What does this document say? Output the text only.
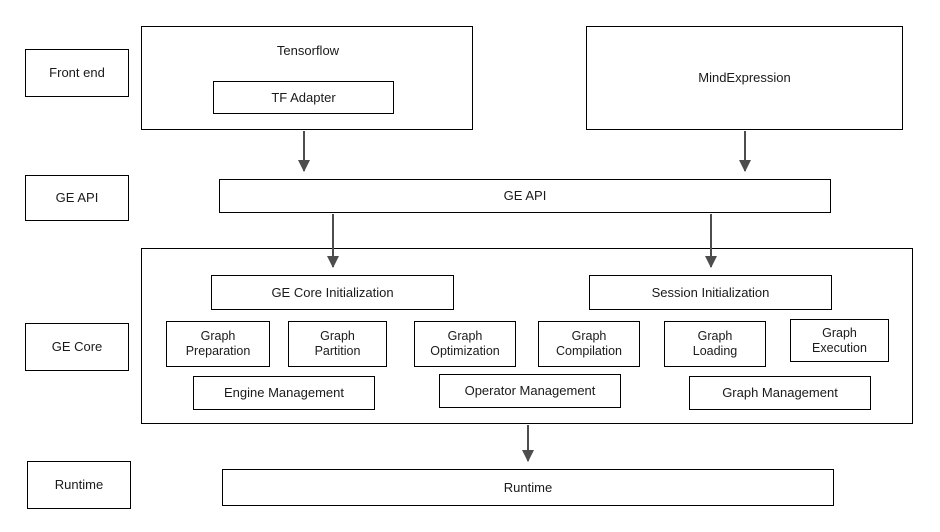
Front end
GE API
GE Core
Runtime
Tensorflow
TF Adapter
MindExpression
GE API
GE Core Initialization	Session Initialization
Graph
Preparation
Graph
Partition
Graph
Optimization
Graph
Compilation
Graph
Loading
Graph
Execution
Engine Management	Operator Management	Graph Management
Runtime
